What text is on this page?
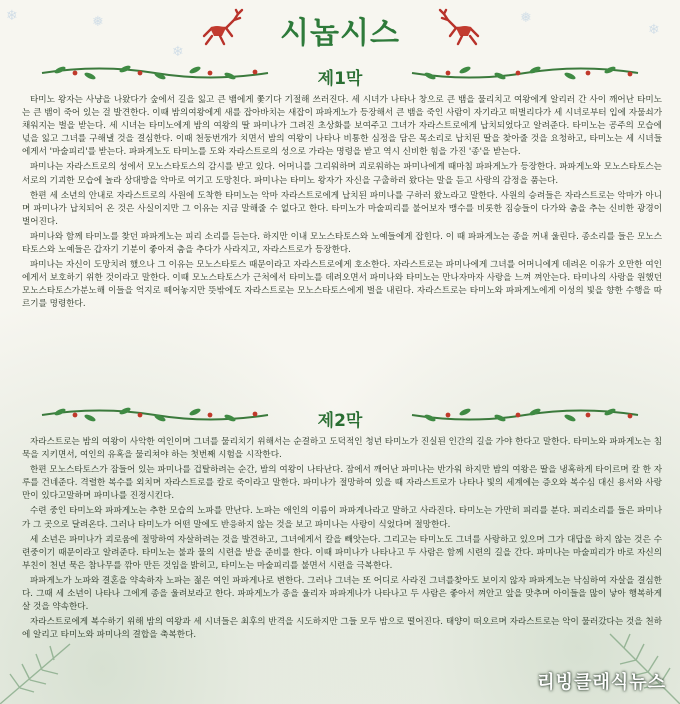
❄	❅
❄
❅
❄
시놉시스
제1막

타미노 왕자는 사냥을 나왔다가 숲에서 길을 잃고 큰 뱀에게 쫓기다 기절해 쓰러진다. 세 시녀가 나타나 창으로 큰 뱀을 물리치고 여왕에게 알리러 간 사이 깨어난 타미노는 큰 뱀이 죽어 있는 걸 발견한다. 이때 밤의여왕에게 새를 잡아바치는 새잡이 파파게노가 등장해서 큰 뱀을 죽인 사람이 자기라고 떠벌리다가 세 시녀로부터 입에 자물쇠가 채워지는 벌을 받는다. 세 시녀는 타미노에게 밤의 여왕의 딸 파미나가 그려진 초상화를 보여주고 그녀가 자라스트로에게 납치되었다고 알려준다. 타미노는 공주의 모습에 넋을 잃고 그녀를 구해낼 것을 결심한다. 이때 천둥번개가 치면서 밤의 여왕이 나타나 비통한 심정을 담은 목소리로 납치된 딸을 찾아줄 것을 요청하고, 타미노는 세 시녀들에게서 '마술피리'를 받는다. 파파게노도 타미노를 도와 자라스트로의 성으로 가라는 명령을 받고 역시 신비한 힘을 가진 '종'을 받는다.

파미나는 자라스트로의 성에서 모노스타토스의 감시를 받고 있다. 어머니를 그리워하며 괴로워하는 파미나에게 때마침 파파게노가 등장한다. 파파게노와 모노스타토스는 서로의 기괴한 모습에 놀라 상대방을 악마로 여기고 도망친다. 파미나는 타미노 왕자가 자신을 구출하러 왔다는 말을 듣고 사랑의 감정을 품는다.

한편 세 소년의 안내로 자라스트로의 사원에 도착한 타미노는 악마 자라스트로에게 납치된 파미나를 구하러 왔노라고 말한다. 사원의 승려들은 자라스트로는 악마가 아니며 파미나가 납치되어 온 것은 사실이지만 그 이유는 지금 말해줄 수 없다고 한다. 타미노가 마술피리를 불어보자 맹수를 비롯한 짐승들이 다가와 춤을 추는 신비한 광경이 벌어진다.

파미나와 함께 타미노를 찾던 파파게노는 피리 소리를 듣는다. 하지만 이내 모노스타토스와 노예들에게 잡힌다. 이 때 파파게노는 종을 꺼내 울린다. 종소리를 들은 모노스타토스와 노예들은 갑자기 기분이 좋아져 춤을 추다가 사라지고, 자라스트로가 등장한다.

파미나는 자신이 도망치려 했으나 그 이유는 모노스타토스 때문이라고 자라스트로에게 호소한다. 자라스트로는 파미나에게 그녀를 어머니에게 데려온 이유가 오만한 여인에게서 보호하기 위한 것이라고 말한다. 이때 모노스타토스가 근처에서 타미노를 데려오면서 파미나와 타미노는 만나자마자 사랑을 느껴 껴안는다. 타미나의 사랑을 원했던 모노스타토스가분노해 이들을 억지로 떼어놓지만 뜻밖에도 자라스트로는 모노스타토스에게 벌을 내린다. 자라스트로는 타미노와 파파게노에게 이성의 빛을 향한 수행을 따르기를 명령한다.

제2막

자라스트로는 밤의 여왕이 사악한 여인이며 그녀를 물리치기 위해서는 순결하고 도덕적인 청년 타미노가 진실된 인간의 길을 가야 한다고 말한다. 타미노와 파파게노는 침묵을 지키면서, 여인의 유혹을 물리쳐야 하는 첫번째 시험을 시작한다.

한편 모노스타토스가 잠들어 있는 파미나를 겁탈하려는 순간, 밤의 여왕이 나타난다. 잠에서 깨어난 파미나는 반가워 하지만 밤의 여왕은 딸을 냉혹하게 타이르며 칼 한 자루를 건네준다. 격렬한 복수를 외치며 자라스트로를 칼로 죽이라고 말한다. 파미나가 절망하여 있을 때 자라스트로가 나타나 빛의 세계에는 증오와 복수심 대신 용서와 사랑만이 있다고말하며 파미나를 진정시킨다.

수련 중인 타미노와 파파게노는 추한 모습의 노파를 만난다. 노파는 애인의 이름이 파파게나라고 말하고 사라진다. 타미노는 가만히 피리를 분다. 피리소리를 들은 파미나가 그 곳으로 달려온다. 그러나 타미노가 어떤 말에도 반응하지 않는 것을 보고 파미나는 사랑이 식었다며 절망한다.

세 소년은 파미나가 괴로움에 절망하여 자살하려는 것을 발견하고, 그녀에게서 칼을 빼앗는다. 그리고는 타미노도 그녀를 사랑하고 있으며 그가 대답을 하지 않는 것은 수련중이기 때문이라고 알려준다. 타미노는 불과 물의 시련을 받을 준비를 한다. 이때 파미나가 나타나고 두 사람은 함께 시련의 길을 간다. 파미나는 마술피리가 바로 자신의 부친이 천년 묵은 참나무를 깎아 만든 것임을 밝히고, 타미노는 마술피리를 불면서 시련을 극복한다.

파파게노가 노파와 결혼을 약속하자 노파는 젊은 여인 파파게나로 변한다. 그러나 그녀는 또 어디로 사라진 그녀를찾아도 보이지 않자 파파게노는 낙심하여 자살을 결심한다. 그때 세 소년이 나타나 그에게 종을 울려보라고 한다. 파파게노가 종을 울리자 파파게나가 나타나고 두 사람은 좋아서 껴안고 앞을 맞추며 아이들을 많이 낳아 행복하게 살 것을 약속한다.

자라스트로에게 복수하기 위해 밤의 여왕과 세 시녀들은 최후의 반격을 시도하지만 그들 모두 밤으로 떨어진다. 태양이 떠오르며 자라스트로는 악이 물러갔다는 것을 천하에 알리고 타미노와 파미나의 결합을 축복한다.

리빙클래식뉴스
